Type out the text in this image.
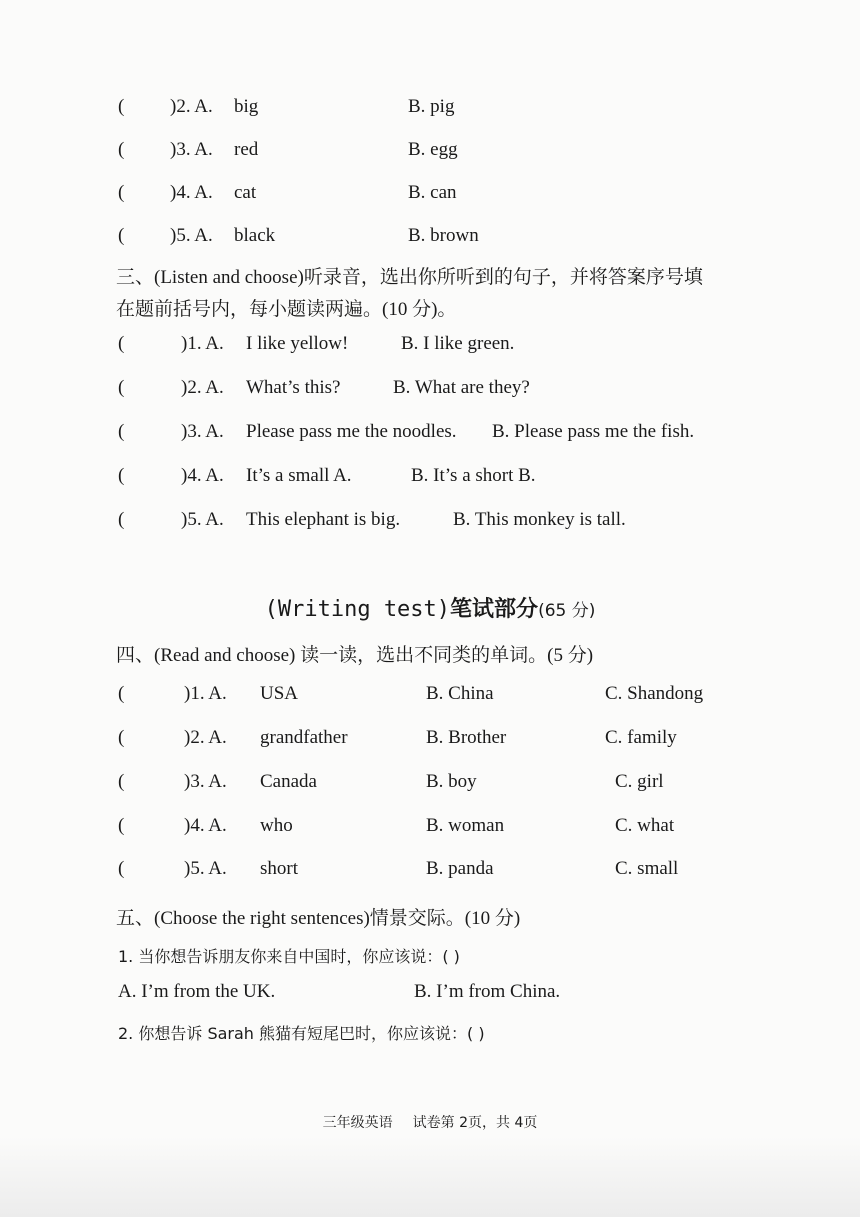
( )2. A. big	B. pig
( )3. A. red	B. egg
( )4. A. cat	B. can
( )5. A. black	B. brown
三、(Listen and choose)听录音，选出你所听到的句子，并将答案序号填
在题前括号内，每小题读两遍。(10 分)。
(	)1. A. I like yellow!	B. I like green.
(	)2. A. What’s this?	B. What are they?
(	)3. A. Please pass me the noodles. B. Please pass me the fish.
(	)4. A. It’s a small A.	B. It’s a short B.
(	)5. A. This elephant is big.	B. This monkey is tall.
(Writing test)笔试部分(65 分)
四、(Read and choose) 读一读，选出不同类的单词。(5 分)
(	)1. A. USA	B. China	C. Shandong
(	)2. A. grandfather	B. Brother	C. family
(	)3. A. Canada	B. boy	C. girl
(	)4. A. who	B. woman	C. what
(	)5. A. short	B. panda	C. small
五、(Choose the right sentences)情景交际。(10 分)
1. 当你想告诉朋友你来自中国时，你应该说：( )
A. I’m from the UK.	B. I’m from China.
2. 你想告诉 Sarah 熊猫有短尾巴时，你应该说：( )
三年级英语 试卷第 2页，共 4页
